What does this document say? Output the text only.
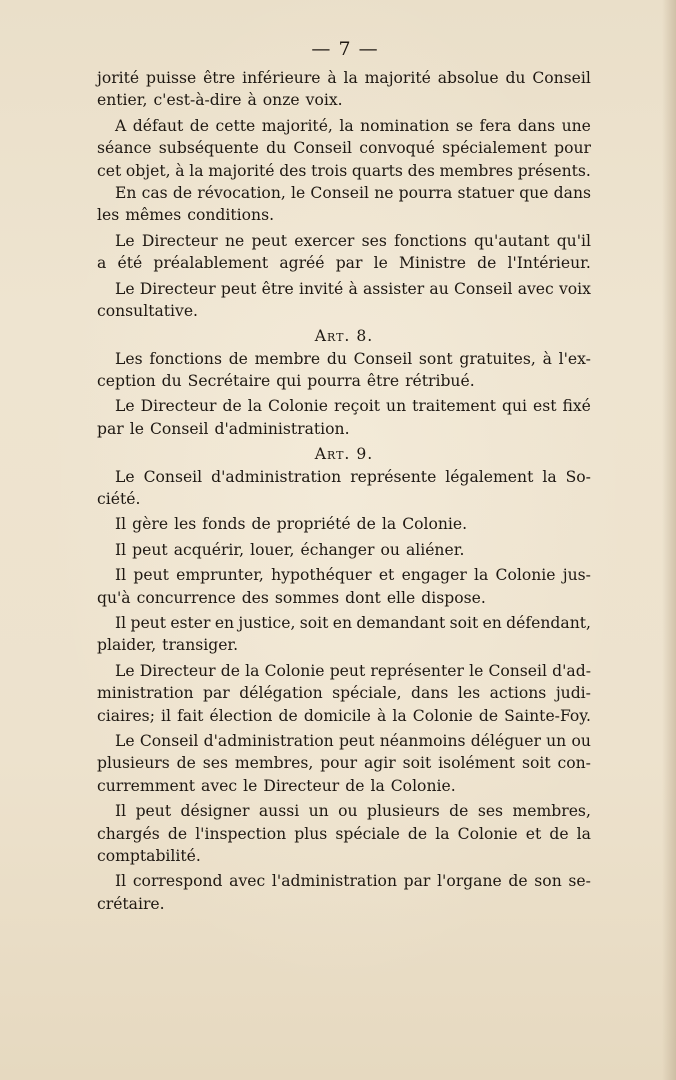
— 7 —
jorité puisse être inférieure à la majorité absolue du Conseil
entier, c'est-à-dire à onze voix.
A défaut de cette majorité, la nomination se fera dans une
séance subséquente du Conseil convoqué spécialement pour
cet objet, à la majorité des trois quarts des membres présents.
En cas de révocation, le Conseil ne pourra statuer que dans
les mêmes conditions.
Le Directeur ne peut exercer ses fonctions qu'autant qu'il
a été préalablement agréé par le Ministre de l'Intérieur.
Le Directeur peut être invité à assister au Conseil avec voix
consultative.
Art. 8.
Les fonctions de membre du Conseil sont gratuites, à l'ex-
ception du Secrétaire qui pourra être rétribué.
Le Directeur de la Colonie reçoit un traitement qui est fixé
par le Conseil d'administration.
Art. 9.
Le Conseil d'administration représente légalement la So-
ciété.
Il gère les fonds de propriété de la Colonie.
Il peut acquérir, louer, échanger ou aliéner.
Il peut emprunter, hypothéquer et engager la Colonie jus-
qu'à concurrence des sommes dont elle dispose.
Il peut ester en justice, soit en demandant soit en défendant,
plaider, transiger.
Le Directeur de la Colonie peut représenter le Conseil d'ad-
ministration par délégation spéciale, dans les actions judi-
ciaires; il fait élection de domicile à la Colonie de Sainte-Foy.
Le Conseil d'administration peut néanmoins déléguer un ou
plusieurs de ses membres, pour agir soit isolément soit con-
curremment avec le Directeur de la Colonie.
Il peut désigner aussi un ou plusieurs de ses membres,
chargés de l'inspection plus spéciale de la Colonie et de la
comptabilité.
Il correspond avec l'administration par l'organe de son se-
crétaire.
